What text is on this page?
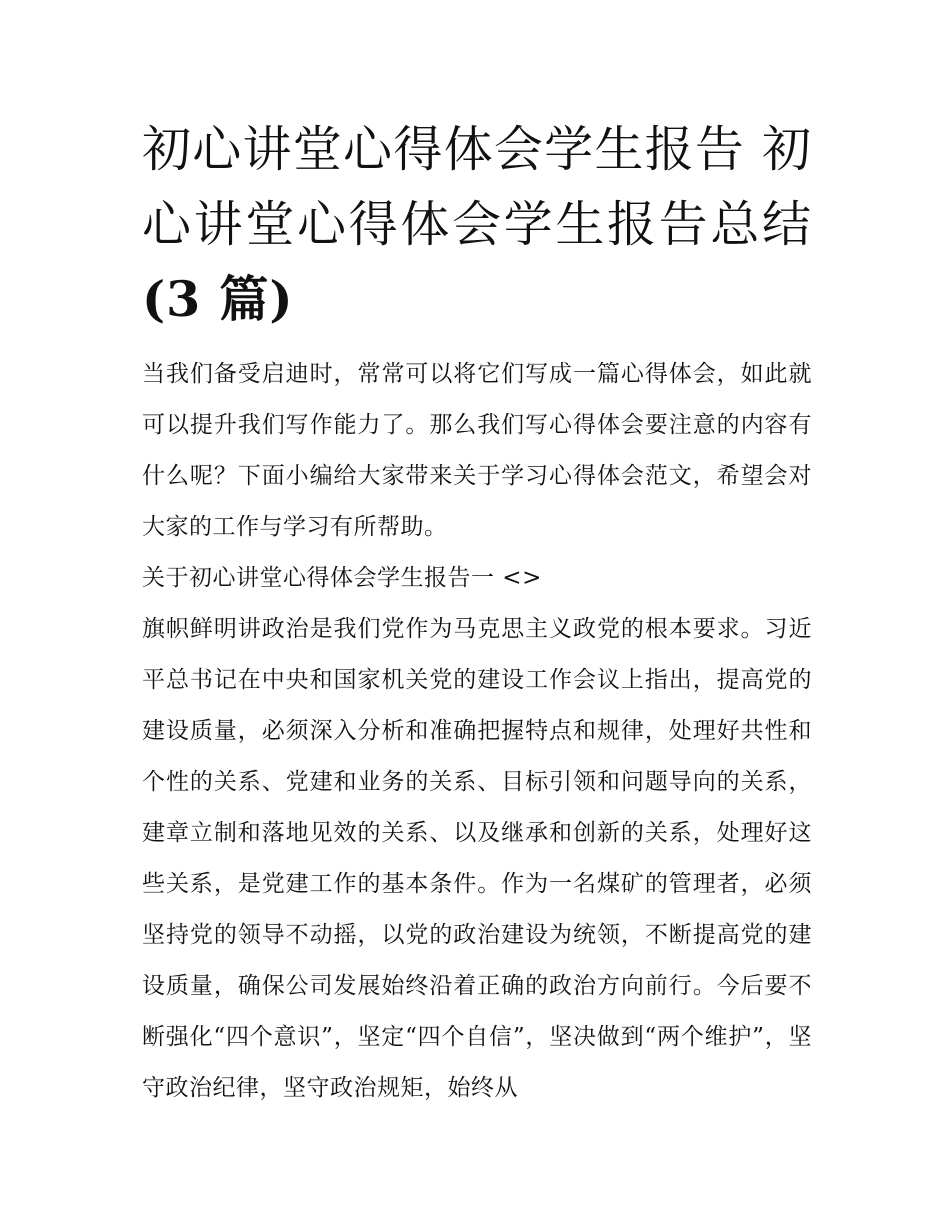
初心讲堂心得体会学生报告 初心讲堂心得体会学生报告总结 (3 篇)

当我们备受启迪时，常常可以将它们写成一篇心得体会，如此就可以提升我们写作能力了。那么我们写心得体会要注意的内容有什么呢？下面小编给大家带来关于学习心得体会范文，希望会对大家的工作与学习有所帮助。

关于初心讲堂心得体会学生报告一 <>

旗帜鲜明讲政治是我们党作为马克思主义政党的根本要求。习近平总书记在中央和国家机关党的建设工作会议上指出，提高党的建设质量，必须深入分析和准确把握特点和规律，处理好共性和个性的关系、党建和业务的关系、目标引领和问题导向的关系，建章立制和落地见效的关系、以及继承和创新的关系，处理好这些关系，是党建工作的基本条件。作为一名煤矿的管理者，必须坚持党的领导不动摇，以党的政治建设为统领，不断提高党的建设质量，确保公司发展始终沿着正确的政治方向前行。今后要不断强化“四个意识”，坚定“四个自信”，坚决做到“两个维护”，坚守政治纪律，坚守政治规矩，始终从
